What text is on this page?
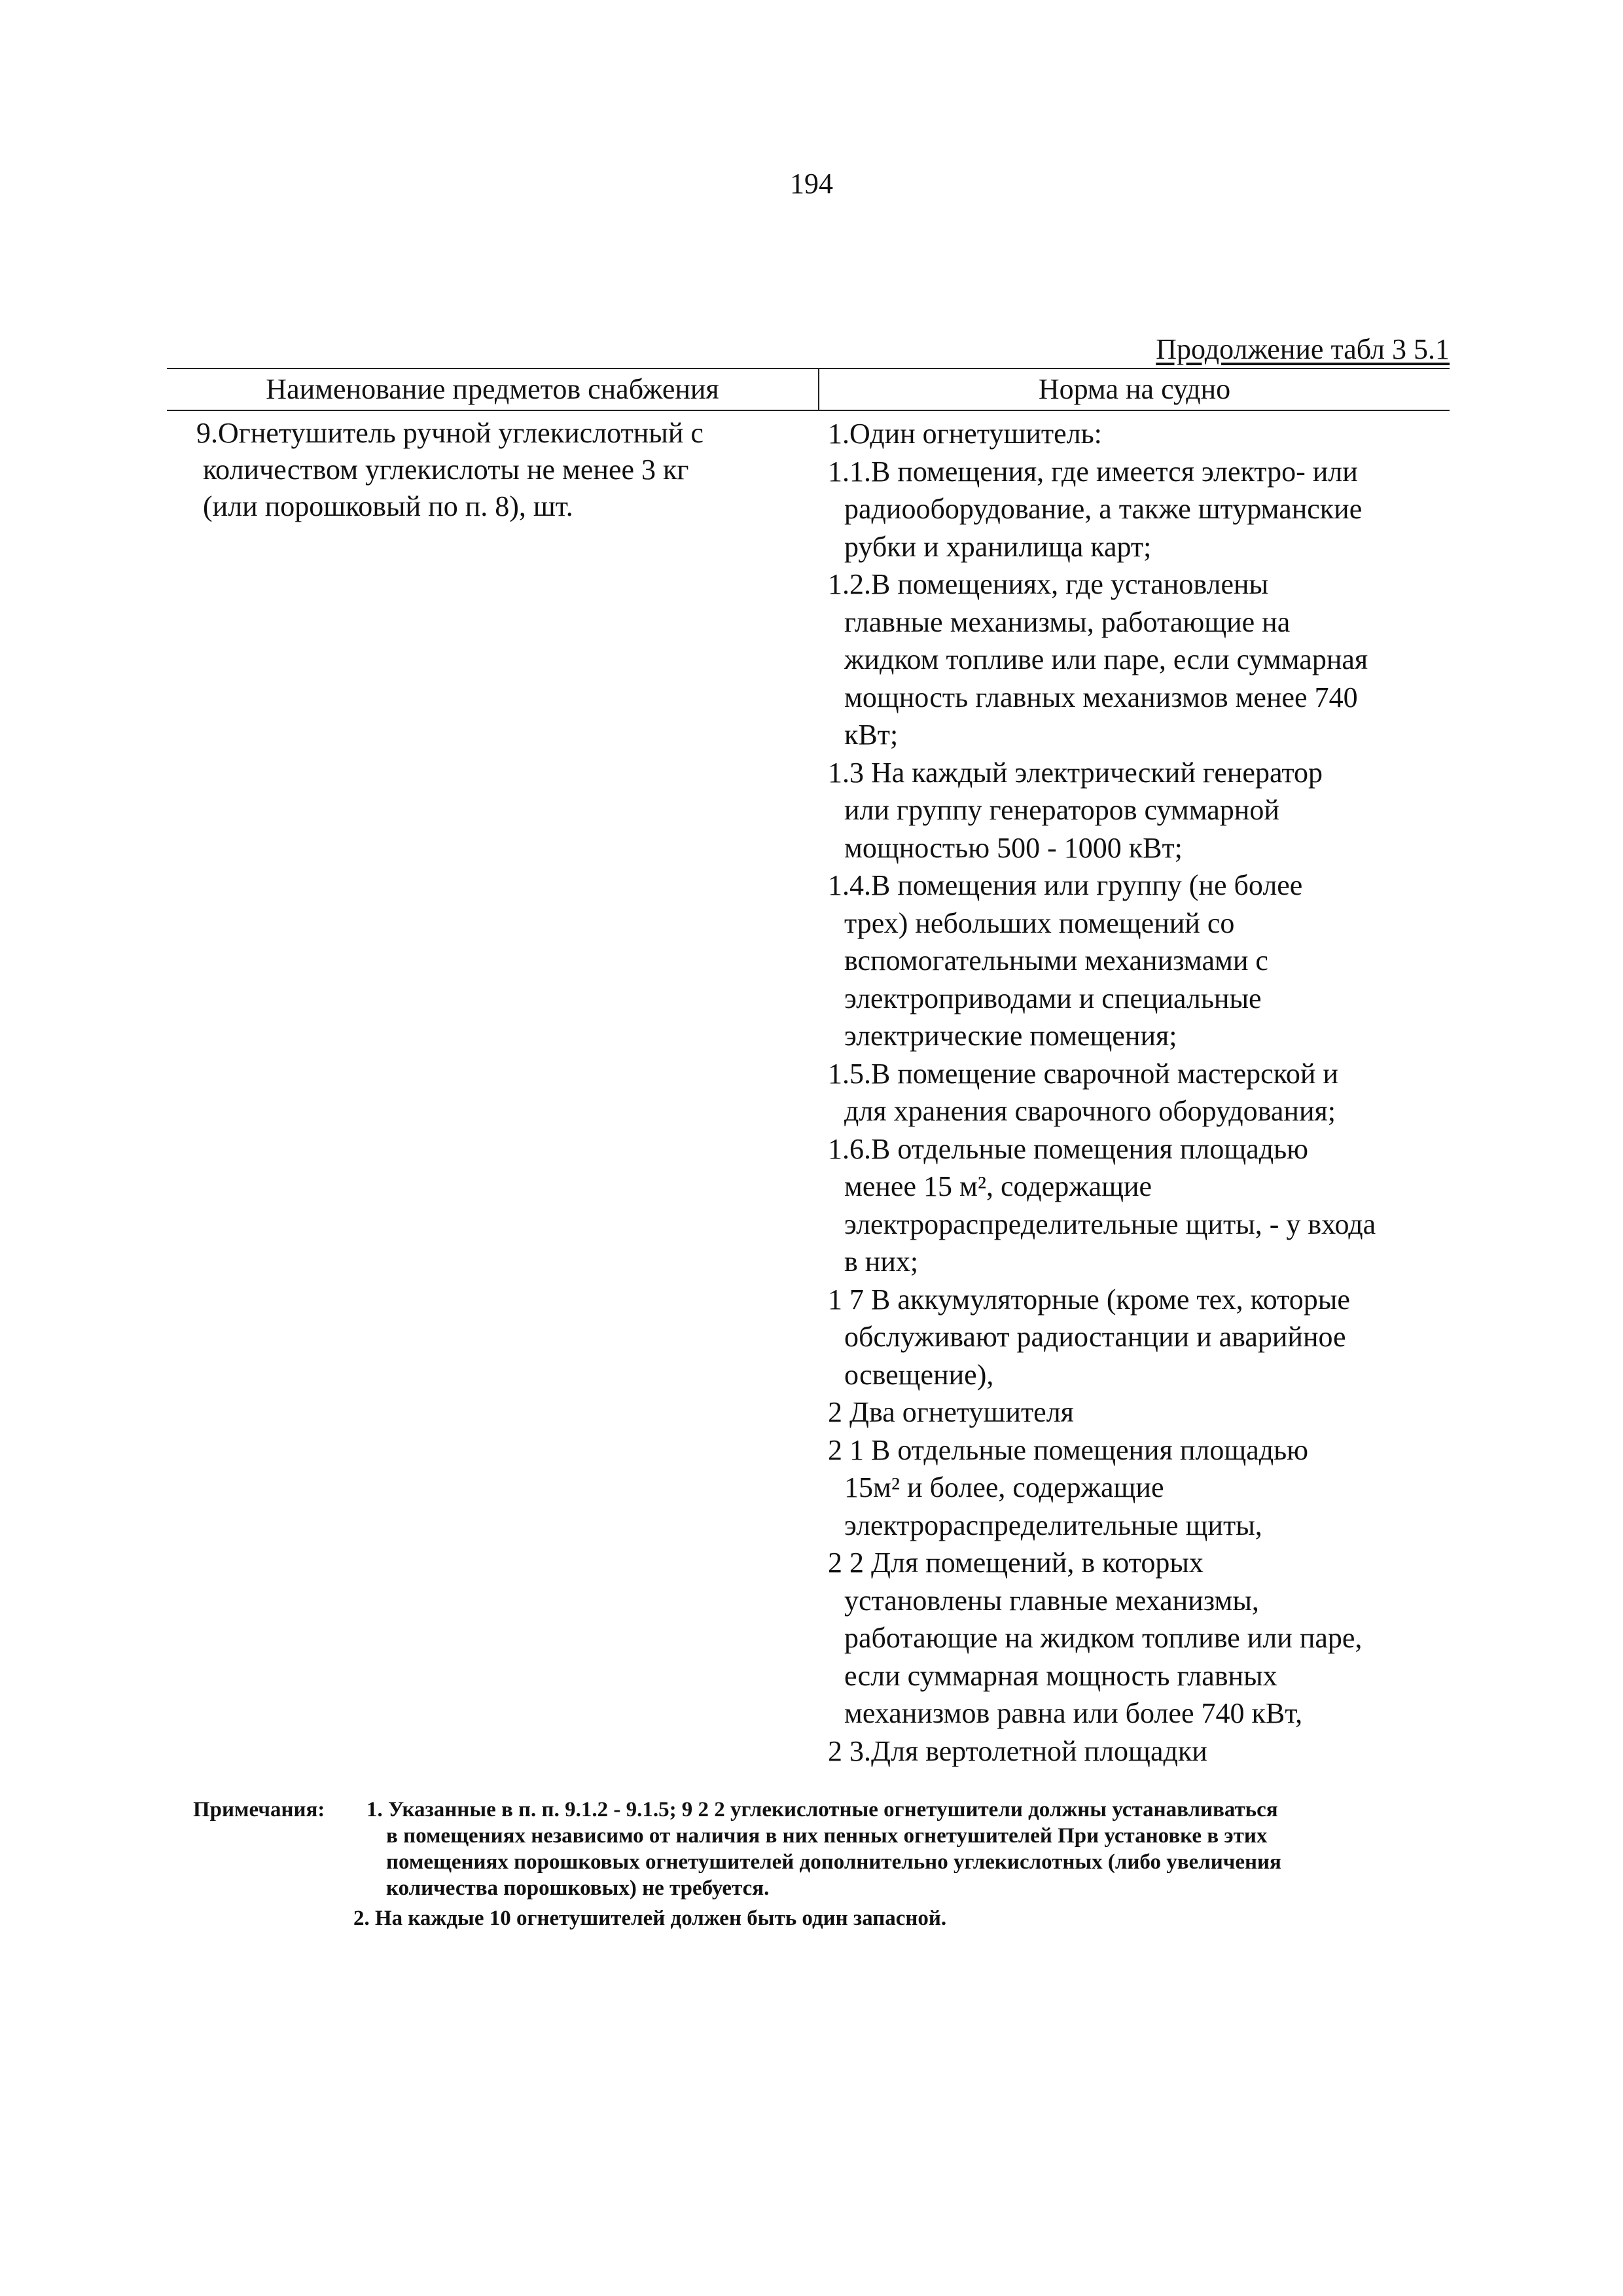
194
Продолжение табл 3 5.1
Наименование предметов снабжения	Норма на судно
9.Огнетушитель ручной углекислотный с
количеством углекислоты не менее 3 кг
(или порошковый по п. 8), шт.
1.Один огнетушитель:
1.1.В помещения, где имеется электро- или
радиооборудование, а также штурманские
рубки и хранилища карт;
1.2.В помещениях, где установлены
главные механизмы, работающие на
жидком топливе или паре, если суммарная
мощность главных механизмов менее 740
кВт;
1.3 На каждый электрический генератор
или группу генераторов суммарной
мощностью 500 - 1000 кВт;
1.4.В помещения или группу (не более
трех) небольших помещений со
вспомогательными механизмами с
электроприводами и специальные
электрические помещения;
1.5.В помещение сварочной мастерской и
для хранения сварочного оборудования;
1.6.В отдельные помещения площадью
менее 15 м², содержащие
электрораспределительные щиты, - у входа
в них;
1 7 В аккумуляторные (кроме тех, которые
обслуживают радиостанции и аварийное
освещение),
2 Два огнетушителя
2 1 В отдельные помещения площадью
15м² и более, содержащие
электрораспределительные щиты,
2 2 Для помещений, в которых
установлены главные механизмы,
работающие на жидком топливе или паре,
если суммарная мощность главных
механизмов равна или более 740 кВт,
2 3.Для вертолетной площадки
Примечания:	1. Указанные в п. п. 9.1.2 - 9.1.5; 9 2 2 углекислотные огнетушители должны устанавливаться
в помещениях независимо от наличия в них пенных огнетушителей При установке в этих
помещениях порошковых огнетушителей дополнительно углекислотных (либо увеличения
количества порошковых) не требуется.
2. На каждые 10 огнетушителей должен быть один запасной.
